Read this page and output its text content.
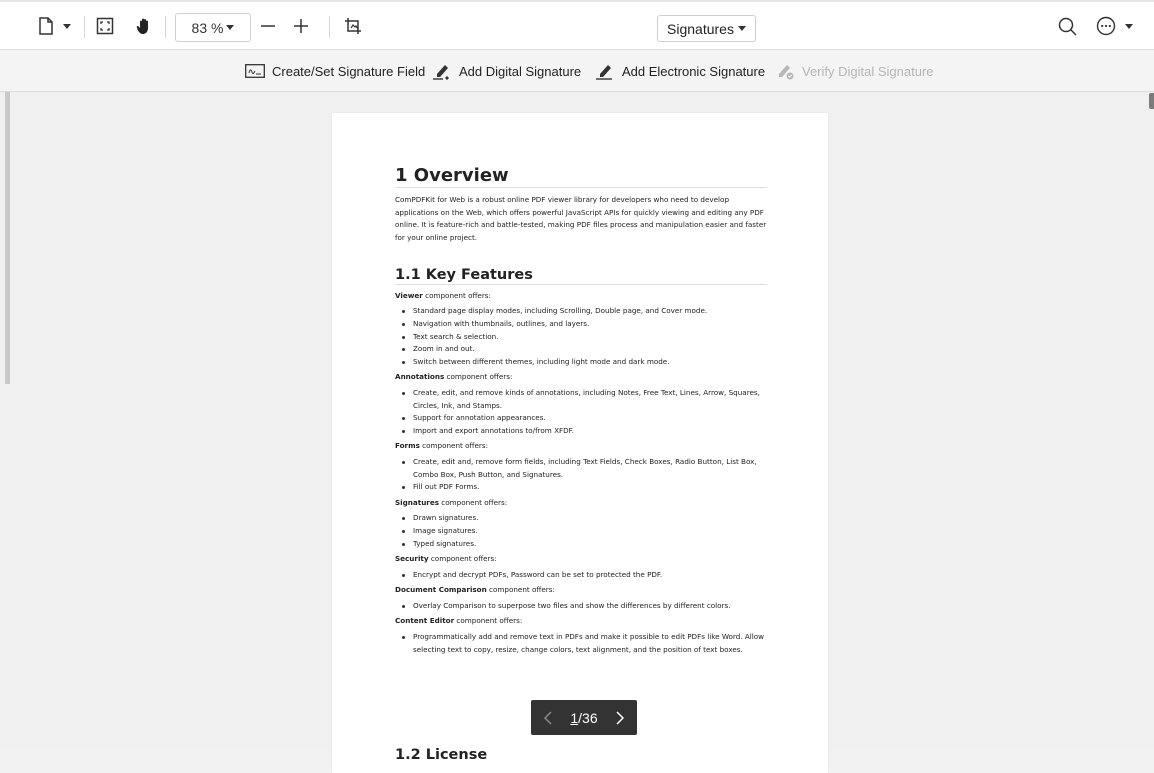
83 %	Signatures
Create/Set Signature Field	Add Digital Signature	Add Electronic Signature	Verify Digital Signature
1 Overview
ComPDFKit for Web is a robust online PDF viewer library for developers who need to develop applications on the Web, which offers powerful JavaScript APIs for quickly viewing and editing any PDF online. It is feature-rich and battle-tested, making PDF files process and manipulation easier and faster for your online project.
1.1 Key Features
Viewer component offers:
Standard page display modes, including Scrolling, Double page, and Cover mode.
Navigation with thumbnails, outlines, and layers.
Text search & selection.
Zoom in and out.
Switch between different themes, including light mode and dark mode.
Annotations component offers:
Create, edit, and remove kinds of annotations, including Notes, Free Text, Lines, Arrow, Squares, Circles, Ink, and Stamps.
Support for annotation appearances.
Import and export annotations to/from XFDF.
Forms component offers:
Create, edit and, remove form fields, including Text Fields, Check Boxes, Radio Button, List Box, Combo Box, Push Button, and Signatures.
Fill out PDF Forms.
Signatures component offers:
Drawn signatures.
Image signatures.
Typed signatures.
Security component offers:
Encrypt and decrypt PDFs, Password can be set to protected the PDF.
Document Comparison component offers:
Overlay Comparison to superpose two files and show the differences by different colors.
Content Editor component offers:
Programmatically add and remove text in PDFs and make it possible to edit PDFs like Word. Allow selecting text to copy, resize, change colors, text alignment, and the position of text boxes.
1.2 License
1 /36
